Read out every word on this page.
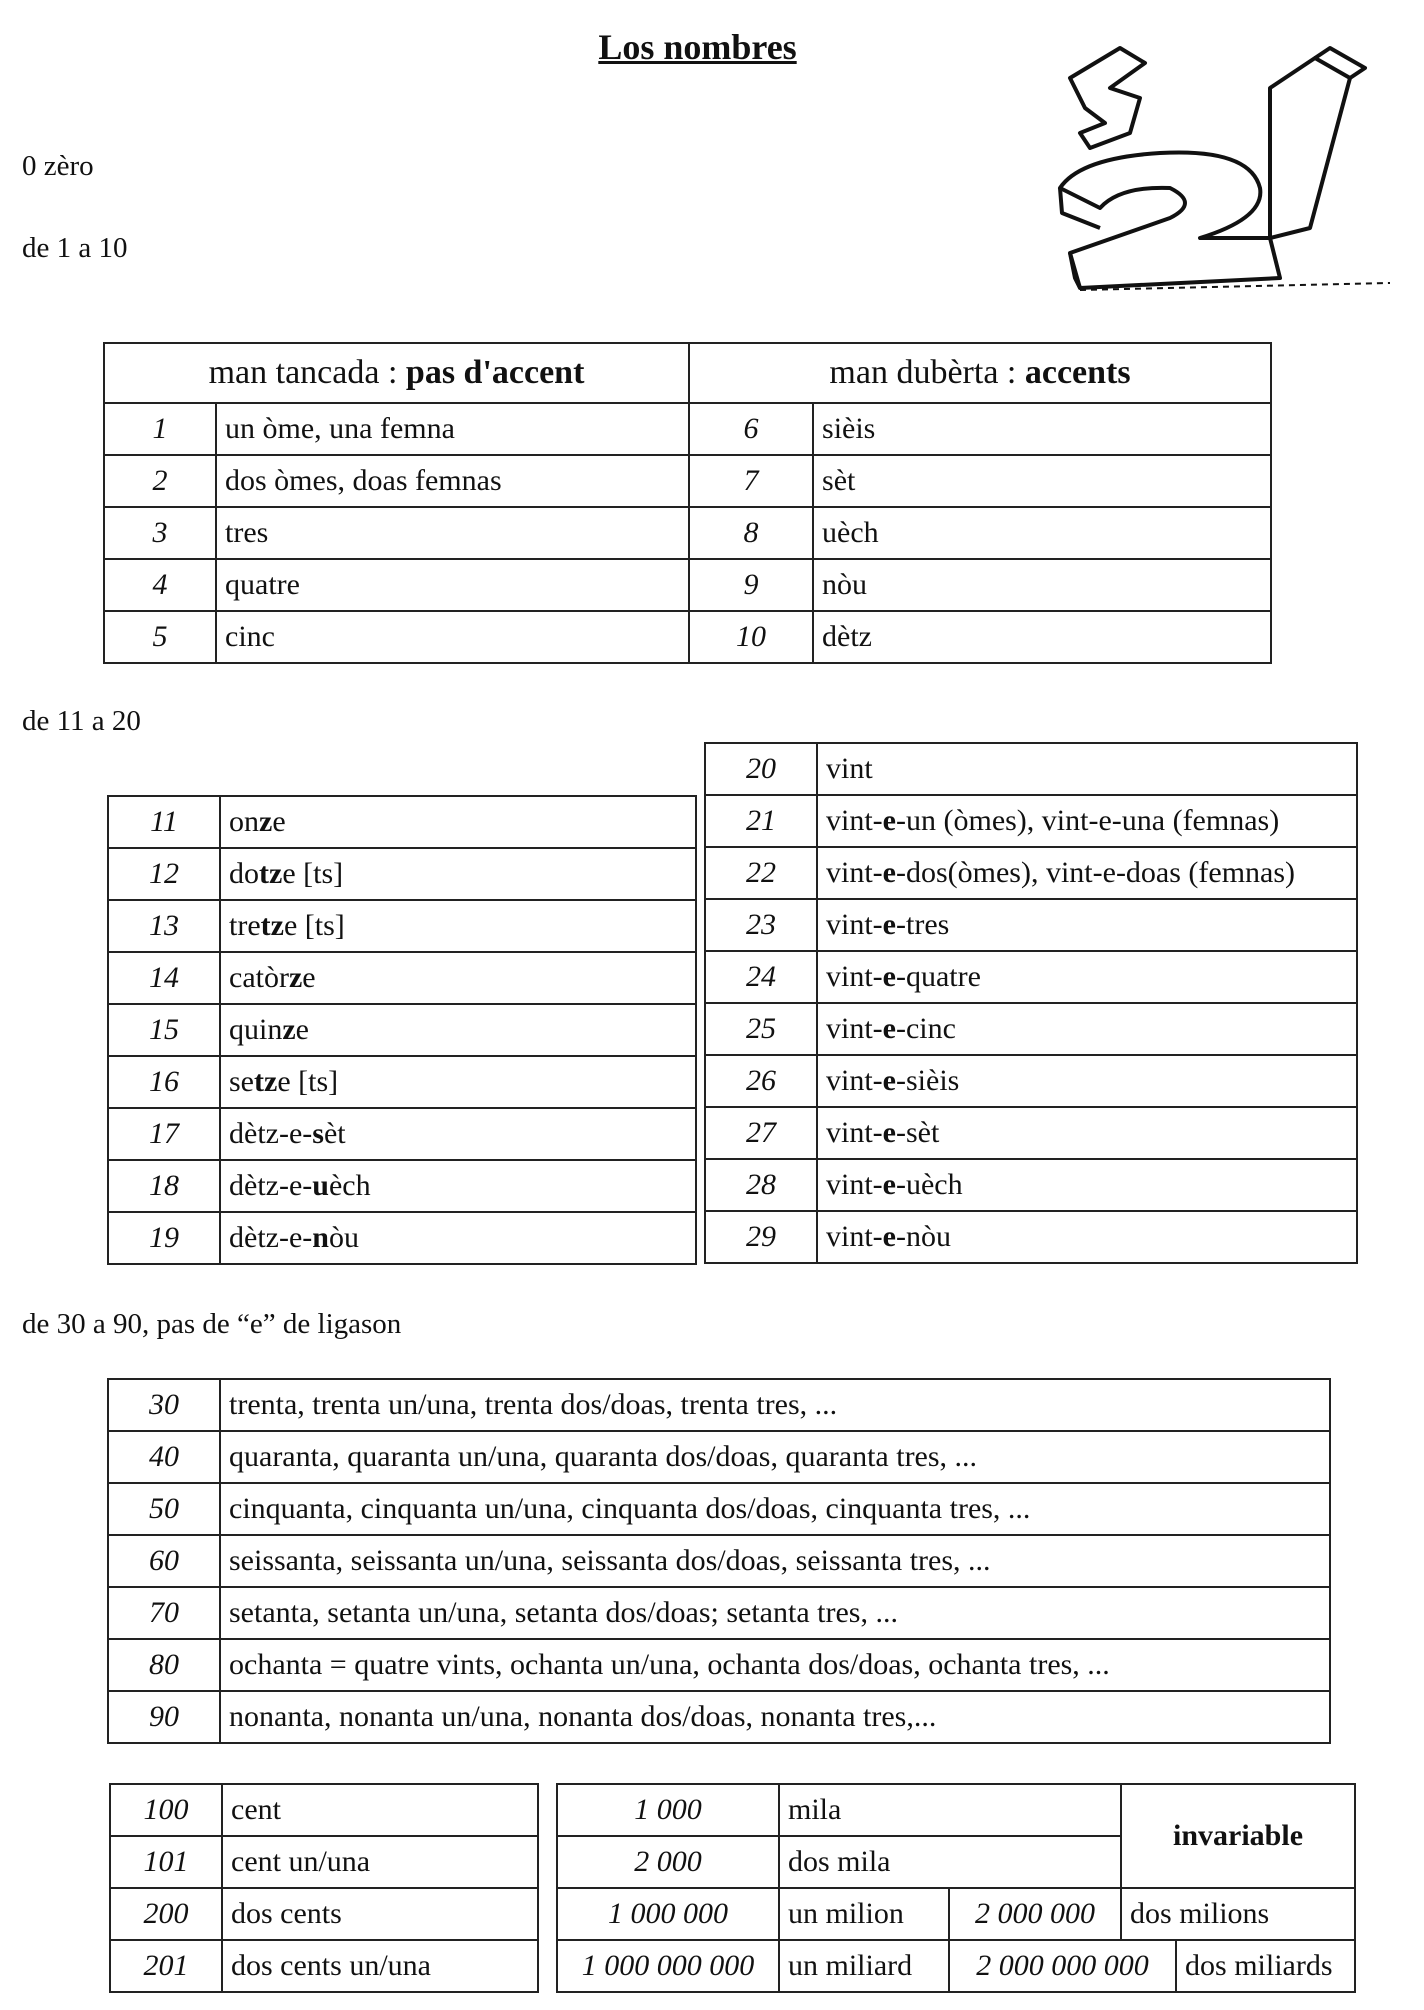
Los nombres
0 zèro
de 1 a 10
man tancada : pas d'accent		man dubèrta : accents	
1	un òme, una femna	6	sièis
2	dos òmes, doas femnas	7	sèt
3	tres	8	uèch
4	quatre	9	nòu
5	cinc	10	dètz
de 11 a 20
11	onze
12	dotze [ts]
13	tretze [ts]
14	catòrze
15	quinze
16	setze [ts]
17	dètz-e-sèt
18	dètz-e-uèch
19	dètz-e-nòu
20	vint
21	vint-e-un (òmes), vint-e-una (femnas)
22	vint-e-dos(òmes), vint-e-doas (femnas)
23	vint-e-tres
24	vint-e-quatre
25	vint-e-cinc
26	vint-e-sièis
27	vint-e-sèt
28	vint-e-uèch
29	vint-e-nòu
de 30 a 90, pas de “e” de ligason
30	trenta, trenta un/una, trenta dos/doas, trenta tres, ...
40	quaranta, quaranta un/una, quaranta dos/doas, quaranta tres, ...
50	cinquanta, cinquanta un/una, cinquanta dos/doas, cinquanta tres, ...
60	seissanta, seissanta un/una, seissanta dos/doas, seissanta tres, ...
70	setanta, setanta un/una, setanta dos/doas; setanta tres, ...
80	ochanta = quatre vints, ochanta un/una, ochanta dos/doas, ochanta tres, ...
90	nonanta, nonanta un/una, nonanta dos/doas, nonanta tres,...
100	cent
101	cent un/una
200	dos cents
201	dos cents un/una
1 000	mila		invariable	
2 000	dos mila			
1 000 000	un milion	2 000 000	dos milions	
1 000 000 000	un miliard	2 000 000 000		dos miliards
